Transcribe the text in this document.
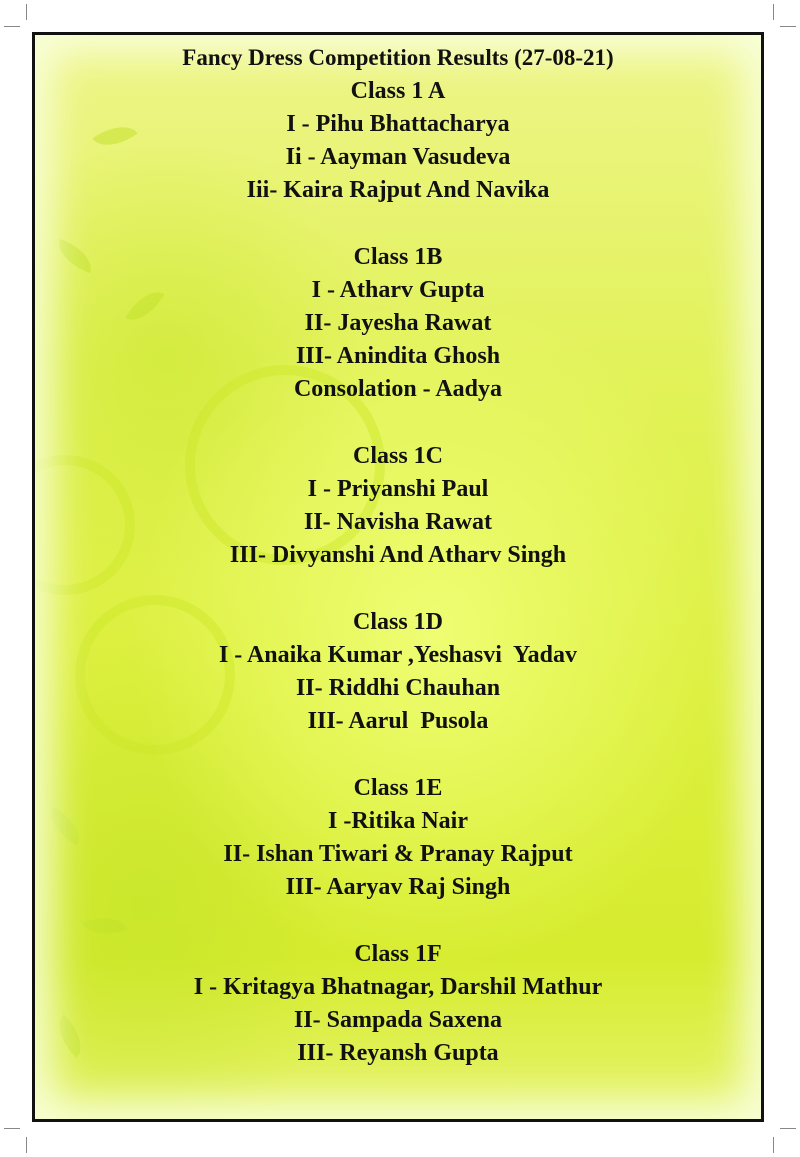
Fancy Dress Competition Results (27-08-21)

Class 1 A

I - Pihu Bhattacharya

Ii - Aayman Vasudeva

Iii- Kaira Rajput And Navika

Class 1B

I - Atharv Gupta

II- Jayesha Rawat

III- Anindita Ghosh

Consolation - Aadya

Class 1C

I - Priyanshi Paul

II- Navisha Rawat

III- Divyanshi And Atharv Singh

Class 1D

I - Anaika Kumar ,Yeshasvi  Yadav

II- Riddhi Chauhan

III- Aarul  Pusola

Class 1E

I -Ritika Nair

II- Ishan Tiwari & Pranay Rajput

III- Aaryav Raj Singh

Class 1F

I - Kritagya Bhatnagar, Darshil Mathur

II- Sampada Saxena

III- Reyansh Gupta
